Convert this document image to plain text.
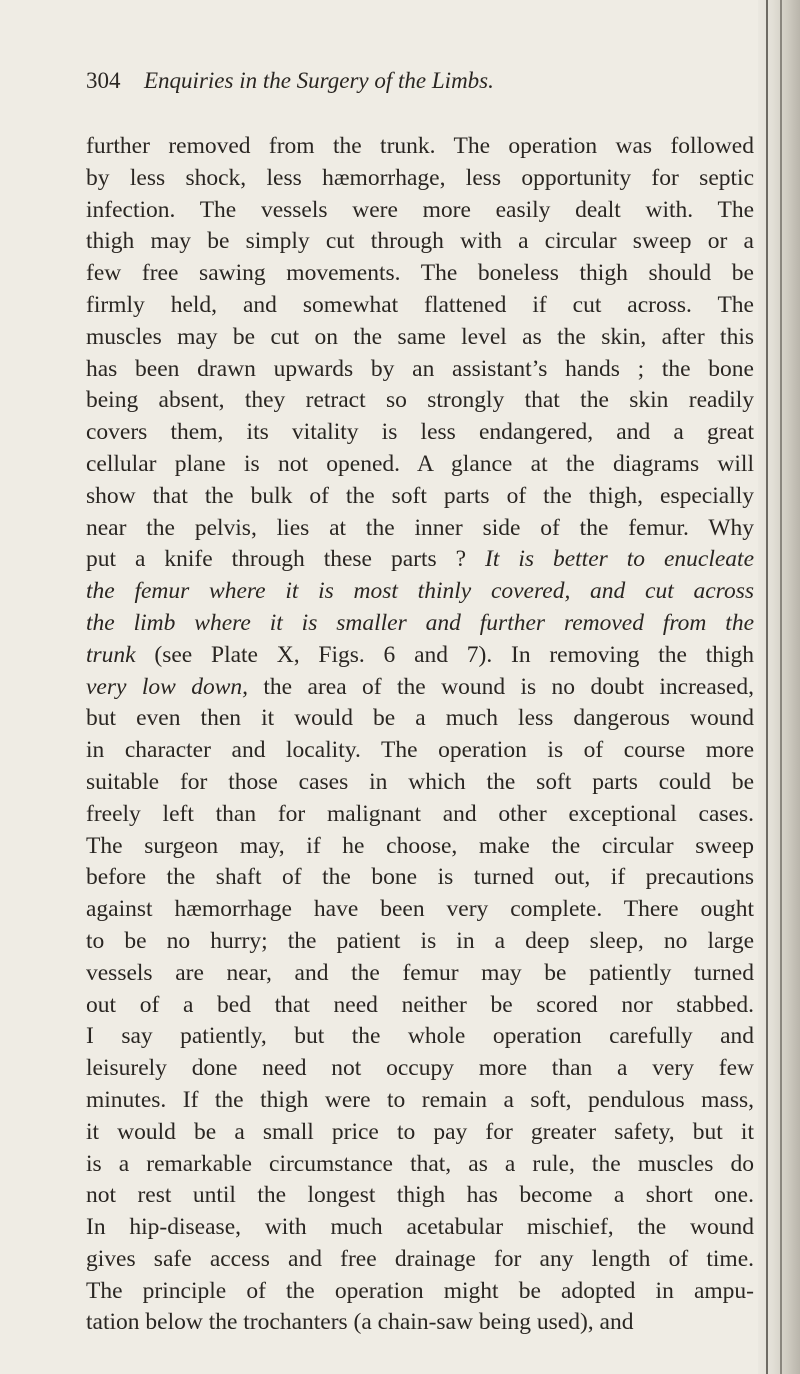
304 Enquiries in the Surgery of the Limbs.
further removed from the trunk. The operation was followed
by less shock, less hæmorrhage, less opportunity for septic
infection. The vessels were more easily dealt with. The
thigh may be simply cut through with a circular sweep or a
few free sawing movements. The boneless thigh should be
firmly held, and somewhat flattened if cut across. The
muscles may be cut on the same level as the skin, after this
has been drawn upwards by an assistant’s hands ; the bone
being absent, they retract so strongly that the skin readily
covers them, its vitality is less endangered, and a great
cellular plane is not opened. A glance at the diagrams will
show that the bulk of the soft parts of the thigh, especially
near the pelvis, lies at the inner side of the femur. Why
put a knife through these parts ? It is better to enucleate
the femur where it is most thinly covered, and cut across
the limb where it is smaller and further removed from the
trunk (see Plate X, Figs. 6 and 7). In removing the thigh
very low down, the area of the wound is no doubt increased,
but even then it would be a much less dangerous wound
in character and locality. The operation is of course more
suitable for those cases in which the soft parts could be
freely left than for malignant and other exceptional cases.
The surgeon may, if he choose, make the circular sweep
before the shaft of the bone is turned out, if precautions
against hæmorrhage have been very complete. There ought
to be no hurry; the patient is in a deep sleep, no large
vessels are near, and the femur may be patiently turned
out of a bed that need neither be scored nor stabbed.
I say patiently, but the whole operation carefully and
leisurely done need not occupy more than a very few
minutes. If the thigh were to remain a soft, pendulous mass,
it would be a small price to pay for greater safety, but it
is a remarkable circumstance that, as a rule, the muscles do
not rest until the longest thigh has become a short one.
In hip-disease, with much acetabular mischief, the wound
gives safe access and free drainage for any length of time.
The principle of the operation might be adopted in ampu-
tation below the trochanters (a chain-saw being used), and
